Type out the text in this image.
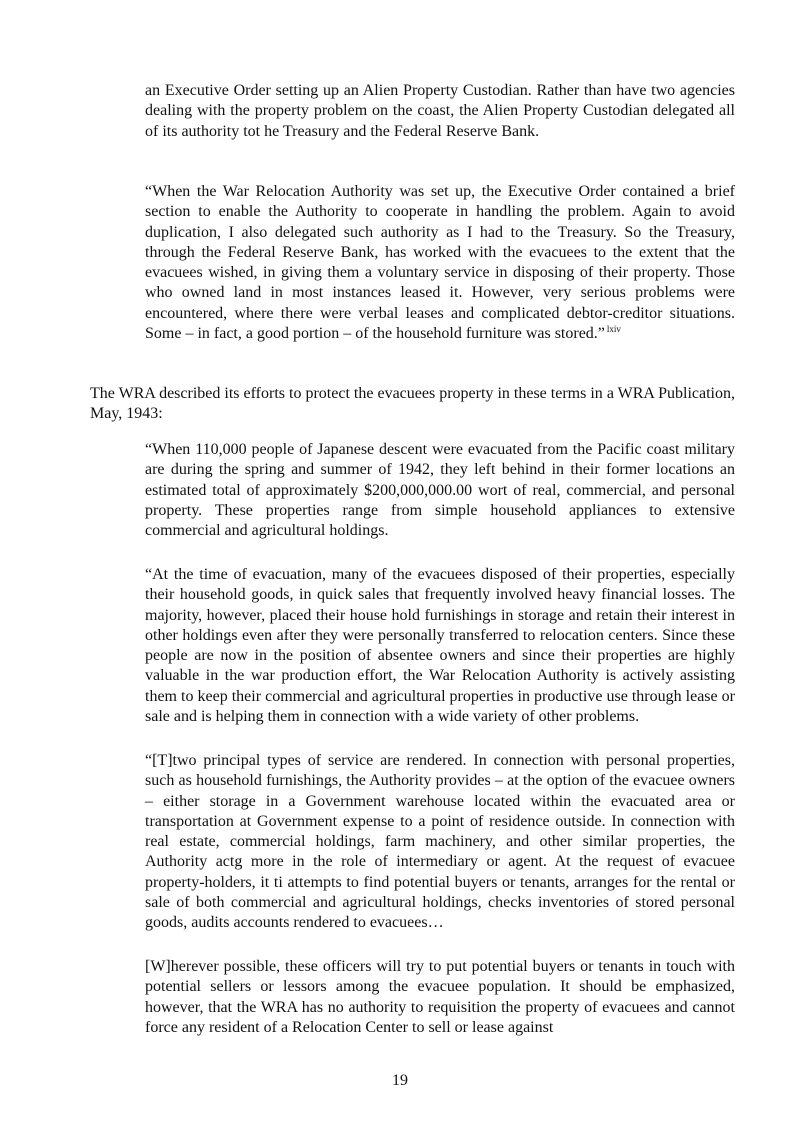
an Executive Order setting up an Alien Property Custodian. Rather than have two agencies dealing with the property problem on the coast, the Alien Property Custodian delegated all of its authority tot he Treasury and the Federal Reserve Bank.

“When the War Relocation Authority was set up, the Executive Order contained a brief section to enable the Authority to cooperate in handling the problem. Again to avoid duplication, I also delegated such authority as I had to the Treasury. So the Treasury, through the Federal Reserve Bank, has worked with the evacuees to the extent that the evacuees wished, in giving them a voluntary service in disposing of their property. Those who owned land in most instances leased it. However, very serious problems were encountered, where there were verbal leases and complicated debtor-creditor situations. Some – in fact, a good portion – of the household furniture was stored.” $^{lxiv}$

The WRA described its efforts to protect the evacuees property in these terms in a WRA Publication, May, 1943:

“When 110,000 people of Japanese descent were evacuated from the Pacific coast military are during the spring and summer of 1942, they left behind in their former locations an estimated total of approximately $200,000,000.00 wort of real, commercial, and personal property. These properties range from simple household appliances to extensive commercial and agricultural holdings.

“At the time of evacuation, many of the evacuees disposed of their properties, especially their household goods, in quick sales that frequently involved heavy financial losses. The majority, however, placed their house hold furnishings in storage and retain their interest in other holdings even after they were personally transferred to relocation centers. Since these people are now in the position of absentee owners and since their properties are highly valuable in the war production effort, the War Relocation Authority is actively assisting them to keep their commercial and agricultural properties in productive use through lease or sale and is helping them in connection with a wide variety of other problems.

“[T]two principal types of service are rendered. In connection with personal properties, such as household furnishings, the Authority provides – at the option of the evacuee owners – either storage in a Government warehouse located within the evacuated area or transportation at Government expense to a point of residence outside. In connection with real estate, commercial holdings, farm machinery, and other similar properties, the Authority actg more in the role of intermediary or agent. At the request of evacuee property-holders, it ti attempts to find potential buyers or tenants, arranges for the rental or sale of both commercial and agricultural holdings, checks inventories of stored personal goods, audits accounts rendered to evacuees…

[W]herever possible, these officers will try to put potential buyers or tenants in touch with potential sellers or lessors among the evacuee population. It should be emphasized, however, that the WRA has no authority to requisition the property of evacuees and cannot force any resident of a Relocation Center to sell or lease against

19
